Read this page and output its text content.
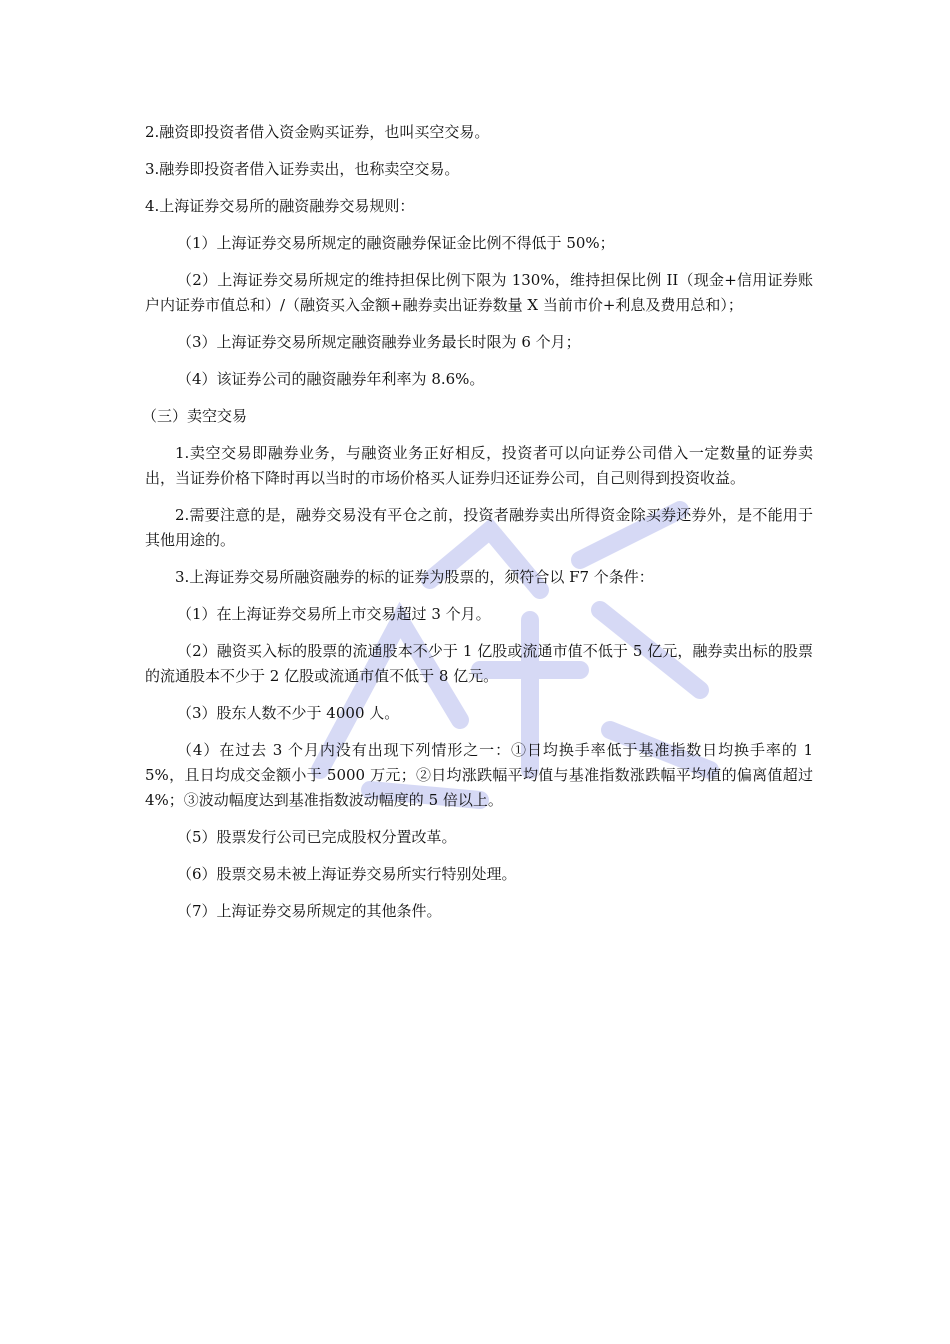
2.融资即投资者借入资金购买证券，也叫买空交易。

3.融券即投资者借入证券卖出，也称卖空交易。

4.上海证券交易所的融资融券交易规则：

（1）上海证券交易所规定的融资融券保证金比例不得低于 50%；

（2）上海证券交易所规定的维持担保比例下限为 130%，维持担保比例 II（现金+信用证券账户内证券市值总和）/（融资买入金额+融券卖出证券数量 X 当前市价+利息及费用总和）；

（3）上海证券交易所规定融资融券业务最长时限为 6 个月；

（4）该证券公司的融资融券年利率为 8.6%。

（三）卖空交易

1.卖空交易即融券业务，与融资业务正好相反，投资者可以向证券公司借入一定数量的证券卖出，当证券价格下降时再以当时的市场价格买人证券归还证券公司，自己则得到投资收益。

2.需要注意的是，融券交易没有平仓之前，投资者融券卖出所得资金除买券还券外，是不能用于其他用途的。

3.上海证券交易所融资融券的标的证券为股票的，须符合以 F7 个条件：

（1）在上海证券交易所上市交易超过 3 个月。

（2）融资买入标的股票的流通股本不少于 1 亿股或流通市值不低于 5 亿元，融券卖出标的股票的流通股本不少于 2 亿股或流通市值不低于 8 亿元。

（3）股东人数不少于 4000 人。

（4）在过去 3 个月内没有出现下列情形之一：①日均换手率低于基准指数日均换手率的 15%，且日均成交金额小于 5000 万元；②日均涨跌幅平均值与基准指数涨跌幅平均值的偏离值超过 4%；③波动幅度达到基准指数波动幅度的 5 倍以上。

（5）股票发行公司已完成股权分置改革。

（6）股票交易未被上海证券交易所实行特别处理。

（7）上海证券交易所规定的其他条件。
